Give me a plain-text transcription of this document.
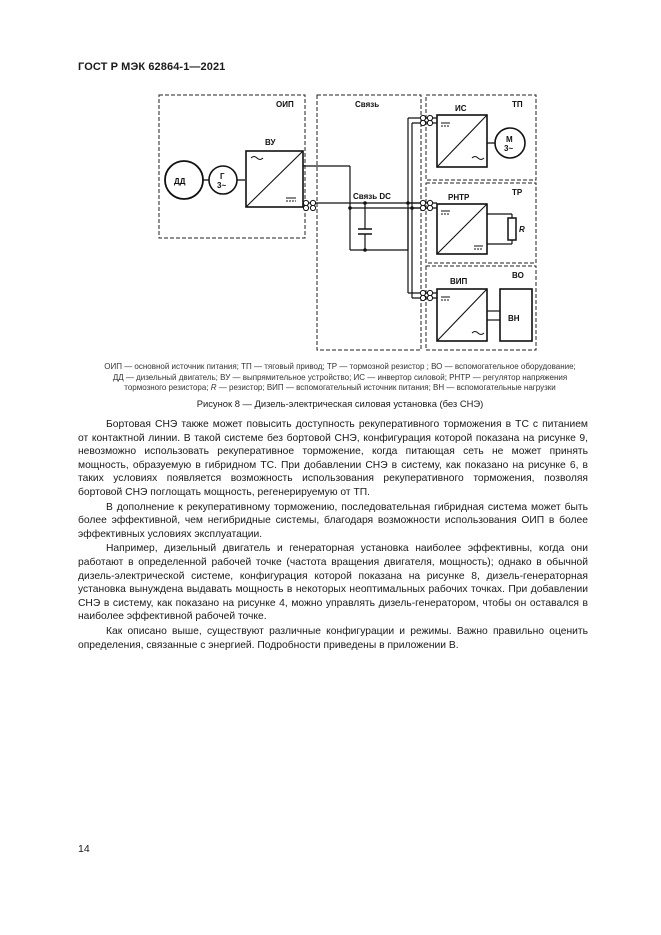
ГОСТ Р МЭК 62864-1—2021
ОИП	Связь	ТП
ТР
ВО
ДД
Г
3~
ВУ
Связь DC
ИС
М
3~
РНТР
R
ВИП
ВН
ОИП — основной источник питания; ТП — тяговый привод; ТР — тормозной резистор ; ВО — вспомогательное оборудование;
ДД — дизельный двигатель; ВУ — выпрямительное устройство; ИС — инвертор силовой; РНТР — регулятор напряжения
тормозного резистора; R — резистор; ВИП — вспомогательный источник питания; ВН — вспомогательные нагрузки
Рисунок 8 — Дизель-электрическая силовая установка (без СНЭ)

Бортовая СНЭ также может повысить доступность рекуперативного торможения в ТС с питанием от контактной линии. В такой системе без бортовой СНЭ, конфигурация которой показана на рисунке 9, невозможно использовать рекуперативное торможение, когда питающая сеть не может принять мощность, образуемую в гибридном ТС. При добавлении СНЭ в систему, как показано на рисунке 6, в таких условиях появляется возможность использования рекуперативного торможения, позволяя бортовой СНЭ поглощать мощность, регенерируемую от ТП.

В дополнение к рекуперативному торможению, последовательная гибридная система может быть более эффективной, чем негибридные системы, благодаря возможности использования ОИП в более эффективных условиях эксплуатации.

Например, дизельный двигатель и генераторная установка наиболее эффективны, когда они работают в определенной рабочей точке (частота вращения двигателя, мощность); однако в обычной дизель-электрической системе, конфигурация которой показана на рисунке 8, дизель-генераторная установка вынуждена выдавать мощность в некоторых неоптимальных рабочих точках. При добавлении СНЭ в систему, как показано на рисунке 4, можно управлять дизель-генератором, чтобы он оставался в наиболее эффективной рабочей точке.

Как описано выше, существуют различные конфигурации и режимы. Важно правильно оценить определения, связанные с энергией. Подробности приведены в приложении В.

14
